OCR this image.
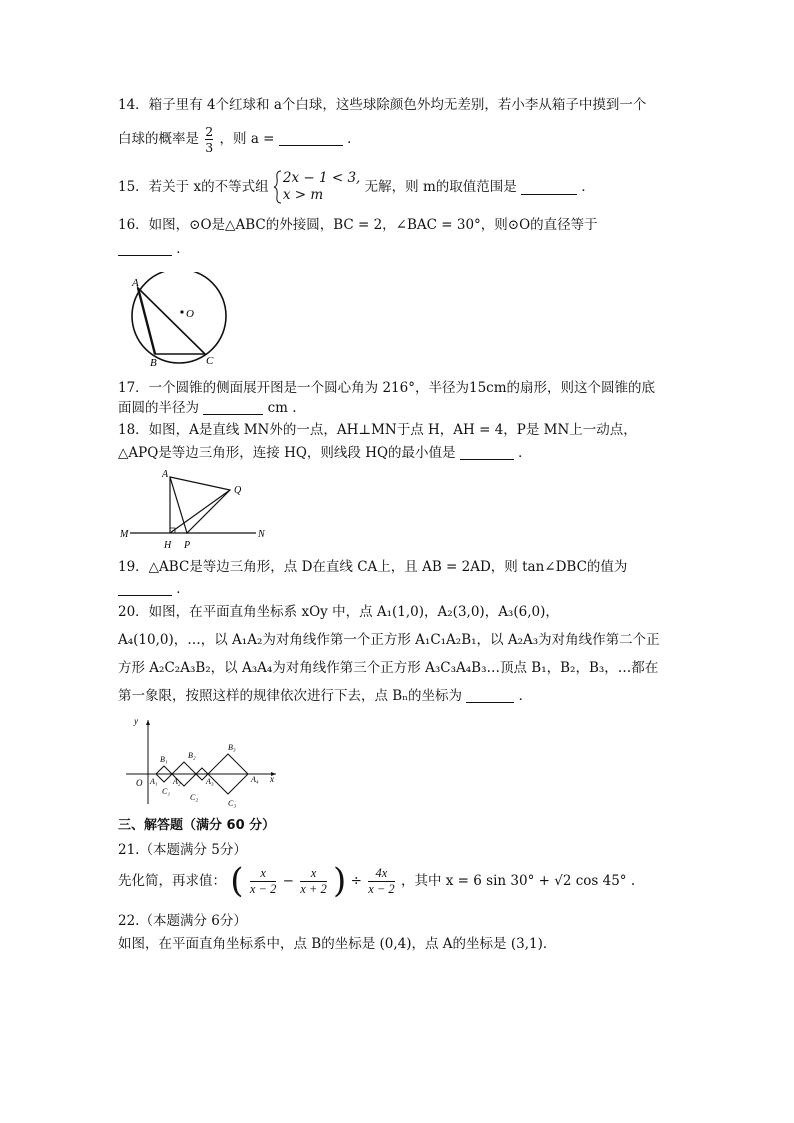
14．箱子里有 4个红球和 a个白球，这些球除颜色外均无差别，若小李从箱子中摸到一个
白球的概率是 $\frac{2}{3}$ ，则 a =	．
15．若关于 x的不等式组
2x − 1 < 3,
x > m	无解，则 m的取值范围是	．
16．如图，⊙O是△ABC的外接圆，BC = 2，∠BAC = 30°，则⊙O的直径等于
．
A
O
B	C
17．一个圆锥的侧面展开图是一个圆心角为 216°，半径为15cm的扇形，则这个圆锥的底
面圆的半径为	cm .
18．如图，A是直线 MN外的一点，AH⊥MN于点 H，AH = 4，P是 MN上一动点，
△APQ是等边三角形，连接 HQ，则线段 HQ的最小值是	．
A
Q
M	N
H P
19．△ABC是等边三角形，点 D在直线 CA上，且 AB = 2AD，则 tan∠DBC的值为
．
20．如图，在平面直角坐标系 xOy 中，点 A₁(1,0)，A₂(3,0)，A₃(6,0)，
A₄(10,0)，…，以 A₁A₂为对角线作第一个正方形 A₁C₁A₂B₁，以 A₂A₃为对角线作第二个正
方形 A₂C₂A₃B₂，以 A₃A₄为对角线作第三个正方形 A₃C₃A₄B₃…顶点 B₁，B₂，B₃，…都在
第一象限，按照这样的规律依次进行下去，点 Bₙ的坐标为	．
y
x
O A₁ A₂	A₃	A₄
B₁	B₂
B₃
C₁
C₂
C₃
三、解答题（满分 60 分）
21.（本题满分 5分）
先化简，再求值： ( $\frac{x}{x - 2} - \frac{x}{x + 2}$ ) ÷ $\frac{4x}{x - 2}$ ，其中 x = 6 sin 30° + √2 cos 45° .
22.（本题满分 6分）
如图，在平面直角坐标系中，点 B的坐标是 (0,4)，点 A的坐标是 (3,1)．
